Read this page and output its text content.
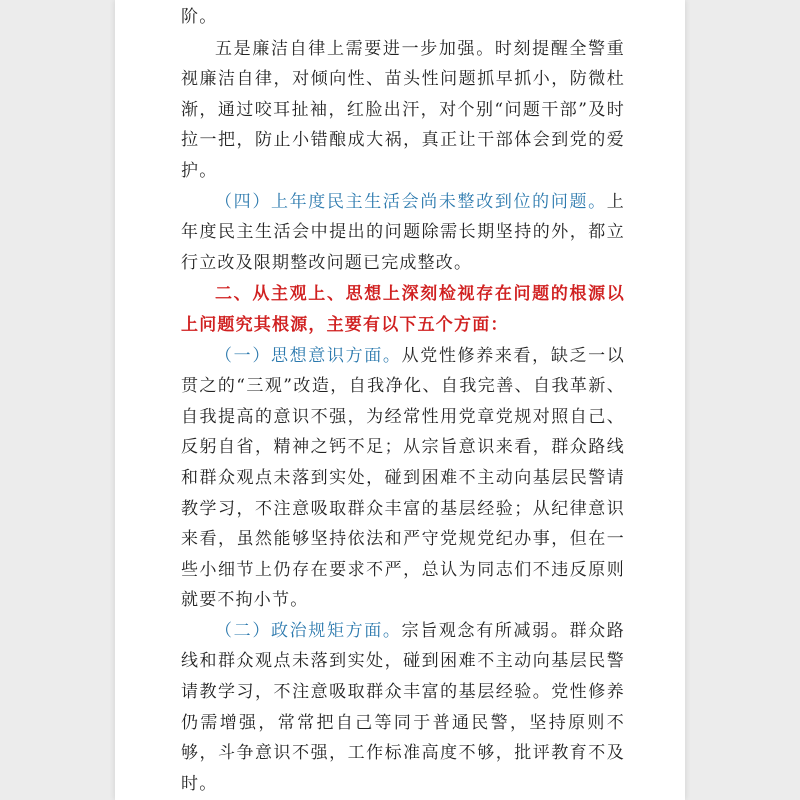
阶。

五是廉洁自律上需要进一步加强。时刻提醒全警重视廉洁自律，对倾向性、苗头性问题抓早抓小，防微杜渐，通过咬耳扯袖，红脸出汗，对个别“问题干部”及时拉一把，防止小错酿成大祸，真正让干部体会到党的爱护。

（四）上年度民主生活会尚未整改到位的问题。上年度民主生活会中提出的问题除需长期坚持的外，都立行立改及限期整改问题已完成整改。

二、从主观上、思想上深刻检视存在问题的根源以上问题究其根源，主要有以下五个方面：

（一）思想意识方面。从党性修养来看，缺乏一以贯之的“三观”改造，自我净化、自我完善、自我革新、自我提高的意识不强，为经常性用党章党规对照自己、反躬自省，精神之钙不足；从宗旨意识来看，群众路线和群众观点未落到实处，碰到困难不主动向基层民警请教学习，不注意吸取群众丰富的基层经验；从纪律意识来看，虽然能够坚持依法和严守党规党纪办事，但在一些小细节上仍存在要求不严，总认为同志们不违反原则就要不拘小节。

（二）政治规矩方面。宗旨观念有所减弱。群众路线和群众观点未落到实处，碰到困难不主动向基层民警请教学习，不注意吸取群众丰富的基层经验。党性修养仍需增强，常常把自己等同于普通民警，坚持原则不够，斗争意识不强，工作标准高度不够，批评教育不及时。
